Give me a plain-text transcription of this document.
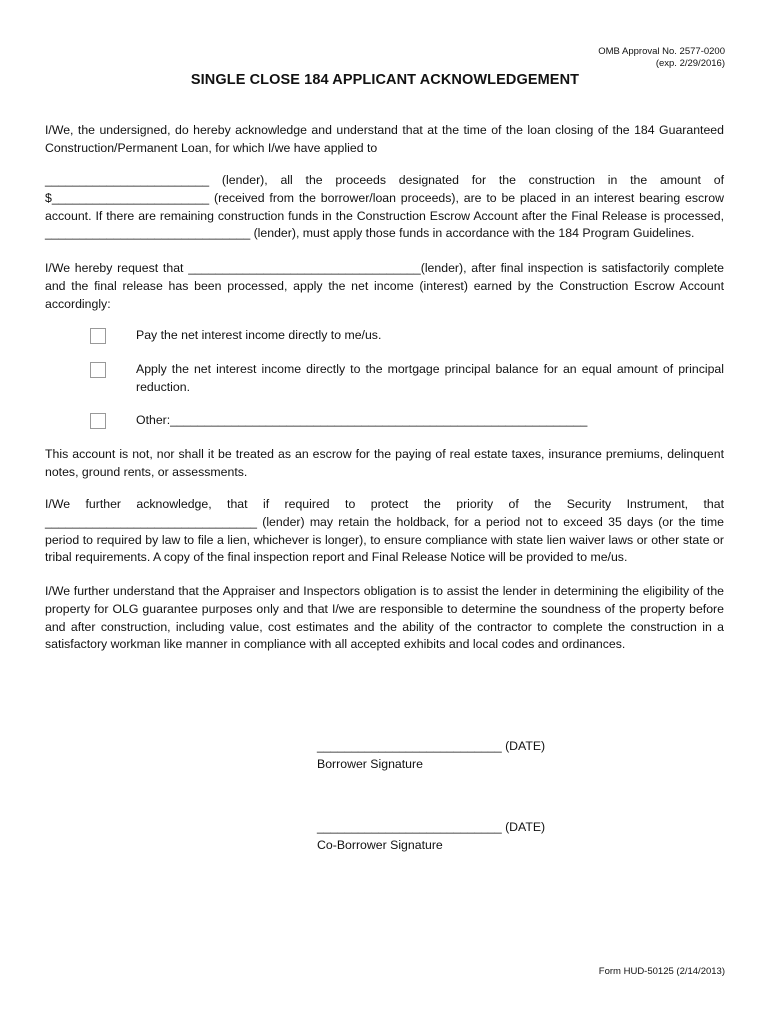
OMB Approval No. 2577-0200
(exp. 2/29/2016)
SINGLE CLOSE 184 APPLICANT ACKNOWLEDGEMENT

I/We, the undersigned, do hereby acknowledge and understand that at the time of the loan closing of the 184 Guaranteed Construction/Permanent Loan, for which I/we have applied to

________________________ (lender), all the proceeds designated for the construction in the amount of $_______________________ (received from the borrower/loan proceeds), are to be placed in an interest bearing escrow account. If there are remaining construction funds in the Construction Escrow Account after the Final Release is processed, ______________________________ (lender), must apply those funds in accordance with the 184 Program Guidelines.

I/We hereby request that __________________________________(lender), after final inspection is satisfactorily complete and the final release has been processed, apply the net income (interest) earned by the Construction Escrow Account accordingly:

Pay the net interest income directly to me/us.
Apply the net interest income directly to the mortgage principal balance for an equal amount of principal reduction.
Other:_____________________________________________________________

This account is not, nor shall it be treated as an escrow for the paying of real estate taxes, insurance premiums, delinquent notes, ground rents, or assessments.

I/We further acknowledge, that if required to protect the priority of the Security Instrument, that _______________________________ (lender) may retain the holdback, for a period not to exceed 35 days (or the time period to required by law to file a lien, whichever is longer), to ensure compliance with state lien waiver laws or other state or tribal requirements. A copy of the final inspection report and Final Release Notice will be provided to me/us.

I/We further understand that the Appraiser and Inspectors obligation is to assist the lender in determining the eligibility of the property for OLG guarantee purposes only and that I/we are responsible to determine the soundness of the property before and after construction, including value, cost estimates and the ability of the contractor to complete the construction in a satisfactory workman like manner in compliance with all accepted exhibits and local codes and ordinances.

___________________________ (DATE)
Borrower Signature
___________________________ (DATE)
Co-Borrower Signature
Form HUD-50125 (2/14/2013)
